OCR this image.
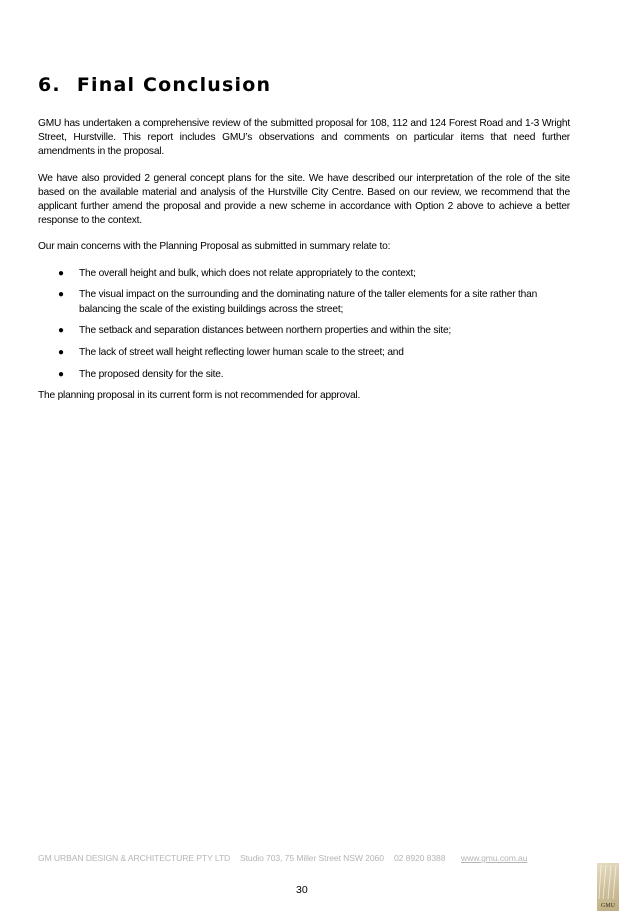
6. Final Conclusion

GMU has undertaken a comprehensive review of the submitted proposal for 108, 112 and 124 Forest Road and 1-3 Wright Street, Hurstville. This report includes GMU’s observations and comments on particular items that need further amendments in the proposal.

We have also provided 2 general concept plans for the site. We have described our interpretation of the role of the site based on the available material and analysis of the Hurstville City Centre. Based on our review, we recommend that the applicant further amend the proposal and provide a new scheme in accordance with Option 2 above to achieve a better response to the context.

Our main concerns with the Planning Proposal as submitted in summary relate to:

● The overall height and bulk, which does not relate appropriately to the context;
● The visual impact on the surrounding and the dominating nature of the taller elements for a site rather than balancing the scale of the existing buildings across the street;
● The setback and separation distances between northern properties and within the site;
● The lack of street wall height reflecting lower human scale to the street; and
● The proposed density for the site.

The planning proposal in its current form is not recommended for approval.

GM URBAN DESIGN & ARCHITECTURE PTY LTD Studio 703, 75 Miller Street NSW 2060 02 8920 8388 www.gmu.com.au
30
GMU
